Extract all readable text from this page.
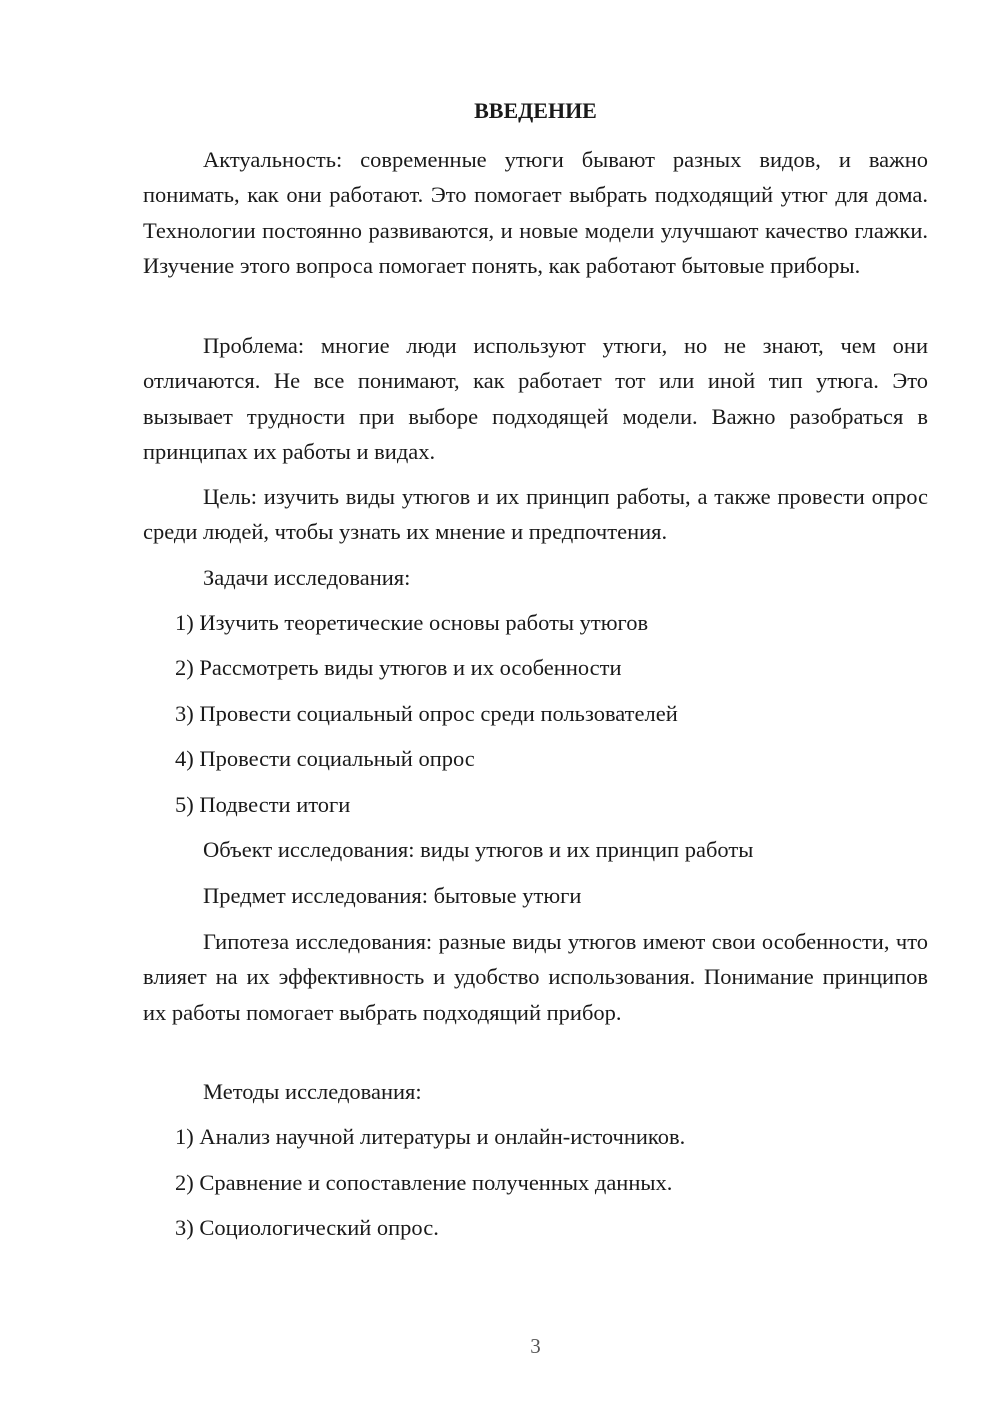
ВВЕДЕНИЕ

Актуальность: современные утюги бывают разных видов, и важно понимать, как они работают. Это помогает выбрать подходящий утюг для дома. Технологии постоянно развиваются, и новые модели улучшают качество глажки. Изучение этого вопроса помогает понять, как работают бытовые приборы.

Проблема: многие люди используют утюги, но не знают, чем они отличаются. Не все понимают, как работает тот или иной тип утюга. Это вызывает трудности при выборе подходящей модели. Важно разобраться в принципах их работы и видах.

Цель: изучить виды утюгов и их принцип работы, а также провести опрос среди людей, чтобы узнать их мнение и предпочтения.

Задачи исследования:

1) Изучить теоретические основы работы утюгов

2) Рассмотреть виды утюгов и их особенности

3) Провести социальный опрос среди пользователей

4) Провести социальный опрос

5) Подвести итоги

Объект исследования: виды утюгов и их принцип работы

Предмет исследования: бытовые утюги

Гипотеза исследования: разные виды утюгов имеют свои особенности, что влияет на их эффективность и удобство использования. Понимание принципов их работы помогает выбрать подходящий прибор.

Методы исследования:

1) Анализ научной литературы и онлайн-источников.

2) Сравнение и сопоставление полученных данных.

3) Социологический опрос.

3
